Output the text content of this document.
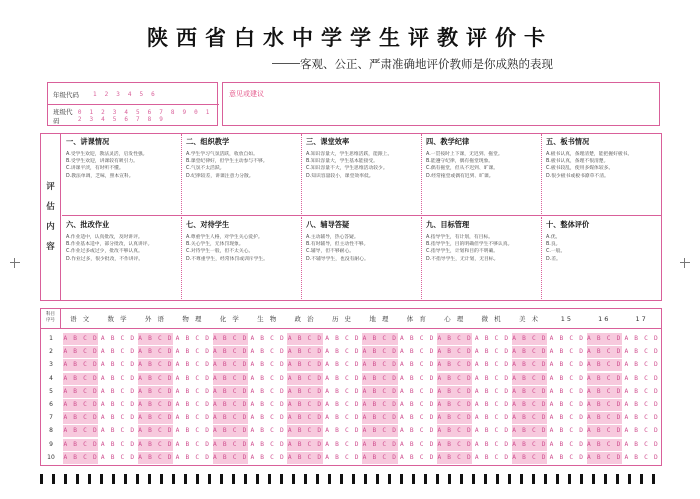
陕西省白水中学学生评教评价卡
客观、公正、严肃准确地评价教师是你成熟的表现
年级代码	1 2 3 4 5 6
班级代码
0 1 2 3 4 5 6 7 8 9 0 1 2 3 4 5 6 7 8 9
意见或建议
评
估
内
容
一、讲课情况
A.受学生欢迎，教法灵活，启发性强。
B.受学生欢迎，讲课较有吸引力。
C.讲课平淡，有时听不懂。
D.教法单调，乏味，照本宣科。
二、组织教学
A.学生学习气氛活跃，收放自如。
B.课堂纪律好，但学生主动参与不够。
C.气氛不太活跃。
D.纪律较差，讲课注意力分散。
三、课堂效率
A.知识容量大，学生思维活跃，能跟上。
B.知识容量大，学生基本能接受。
C.知识容量不大，学生思维活动较少。
D.知识容量较小，课堂效率低。
四、教学纪律
A.一贯按时上下课，无迟到、拖堂。
B.能遵守纪律，偶有拖堂现象。
C.偶有拖堂，但从不迟到、旷课。
D.经常拖堂或偶有迟到、旷课。
五、板书情况
A.板书认真，条理清楚，能把握好板书。
B.板书认真，条理不很清楚。
C.板书较乱，使用多媒体较多。
D.很少板书或板书潦草不清。
六、批改作业
A.作业适中，认真批改，及时讲评。
B.作业基本适中，部分批改，认真讲评。
C.作业过多或过少，批改不够认真。
D.作业过多，很少批改，不作讲评。
七、对待学生
A.尊重学生人格，对学生关心爱护。
B.关心学生，无体罚现象。
C.对待学生一般，但不太关心。
D.不尊重学生，经常体罚或训斥学生。
八、辅导答疑
A.主动辅导，热心答疑。
B.有时辅导，但主动性不够。
C.辅导，但不够耐心。
D.不辅导学生，也没有耐心。
九、目标管理
A.指导学生，有计划，有目标。
B.指导学生，目的明确但学生不够认真。
C.指导学生，计划和目的不明确。
D.不指导学生，无计划，无目标。
十、整体评价
A.优。
B.良。
C.一般。
D.差。
科目
序号	语 文	数 学	外 语	物 理	化 学	生 物	政 治	历 史	地 理	体 育	心 理	微 机	美 术	15	16	17
1	A B C D A B C D A B C D A B C D A B C D A B C D A B C D A B C D A B C D A B C D A B C D A B C D A B C D A B C D A B C D A B C D
2	A B C D A B C D A B C D A B C D A B C D A B C D A B C D A B C D A B C D A B C D A B C D A B C D A B C D A B C D A B C D A B C D
3	A B C D A B C D A B C D A B C D A B C D A B C D A B C D A B C D A B C D A B C D A B C D A B C D A B C D A B C D A B C D A B C D
4	A B C D A B C D A B C D A B C D A B C D A B C D A B C D A B C D A B C D A B C D A B C D A B C D A B C D A B C D A B C D A B C D
5	A B C D A B C D A B C D A B C D A B C D A B C D A B C D A B C D A B C D A B C D A B C D A B C D A B C D A B C D A B C D A B C D
6	A B C D A B C D A B C D A B C D A B C D A B C D A B C D A B C D A B C D A B C D A B C D A B C D A B C D A B C D A B C D A B C D
7	A B C D A B C D A B C D A B C D A B C D A B C D A B C D A B C D A B C D A B C D A B C D A B C D A B C D A B C D A B C D A B C D
8	A B C D A B C D A B C D A B C D A B C D A B C D A B C D A B C D A B C D A B C D A B C D A B C D A B C D A B C D A B C D A B C D
9	A B C D A B C D A B C D A B C D A B C D A B C D A B C D A B C D A B C D A B C D A B C D A B C D A B C D A B C D A B C D A B C D
10	A B C D A B C D A B C D A B C D A B C D A B C D A B C D A B C D A B C D A B C D A B C D A B C D A B C D A B C D A B C D A B C D
